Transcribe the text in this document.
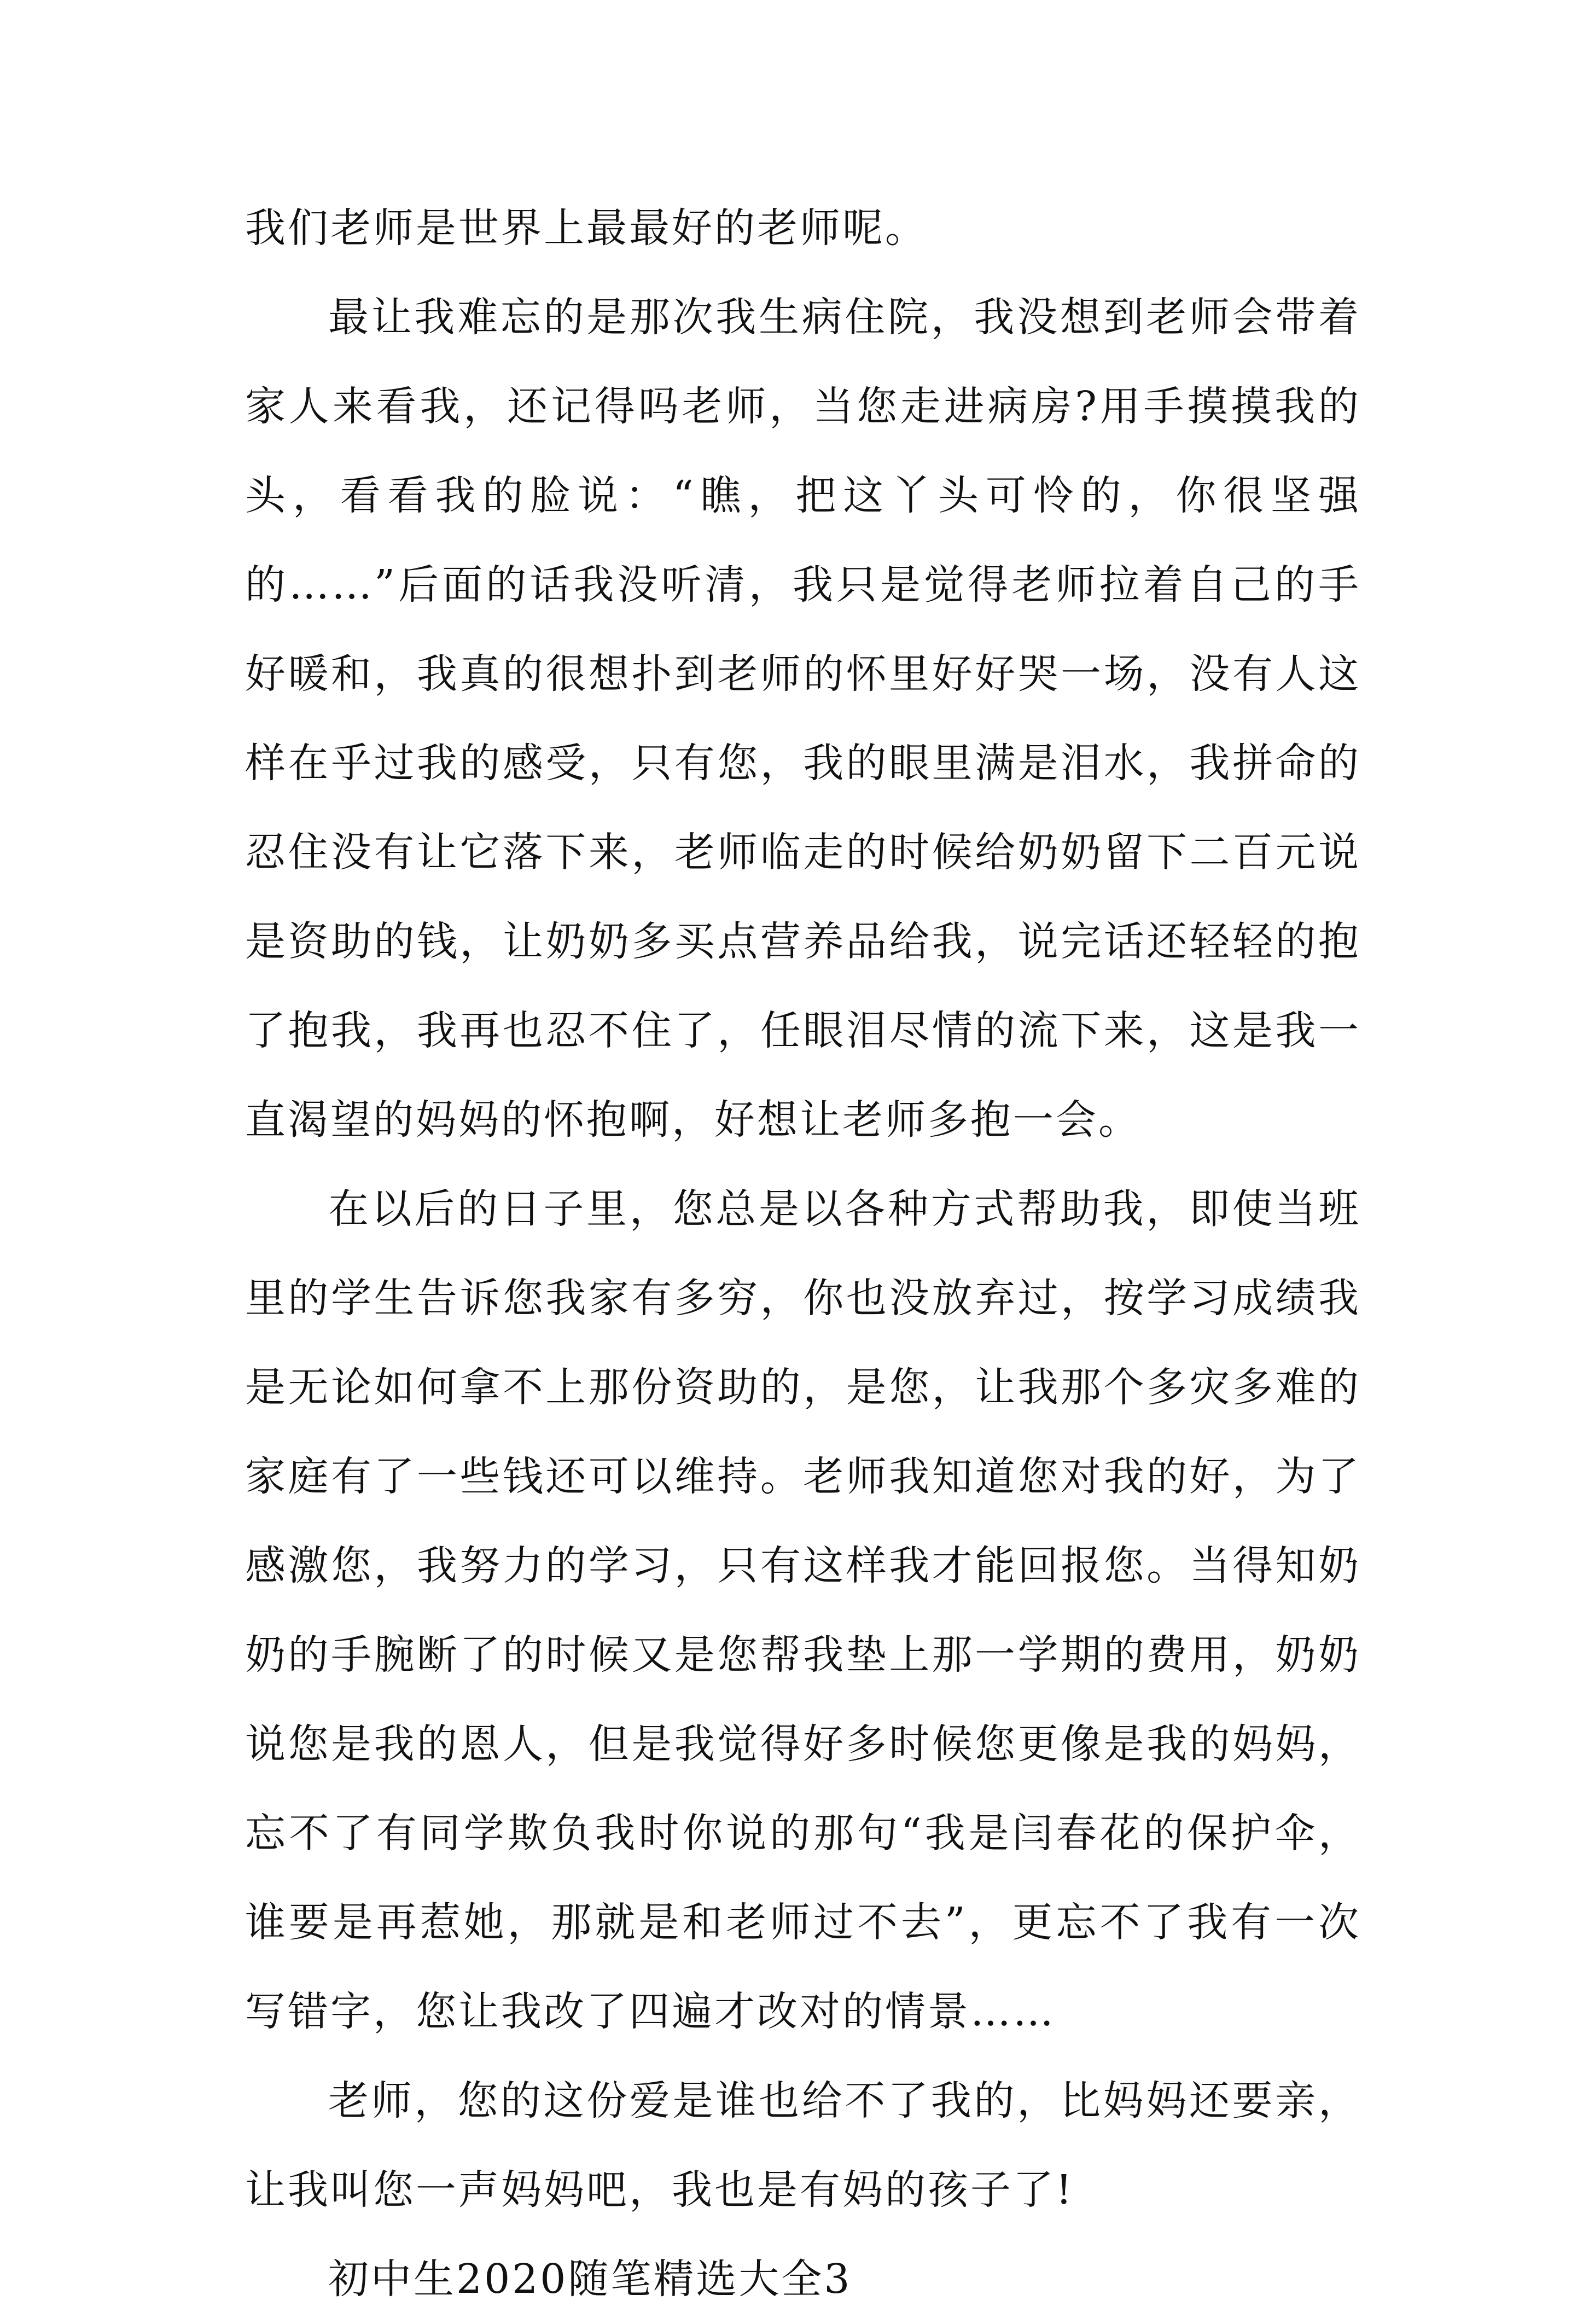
我们老师是世界上最最好的老师呢。

最让我难忘的是那次我生病住院，我没想到老师会带着家人来看我，还记得吗老师，当您走进病房?用手摸摸我的头，看看我的脸说：“瞧，把这丫头可怜的，你很坚强的……”后面的话我没听清，我只是觉得老师拉着自己的手好暖和，我真的很想扑到老师的怀里好好哭一场，没有人这样在乎过我的感受，只有您，我的眼里满是泪水，我拼命的忍住没有让它落下来，老师临走的时候给奶奶留下二百元说是资助的钱，让奶奶多买点营养品给我，说完话还轻轻的抱了抱我，我再也忍不住了，任眼泪尽情的流下来，这是我一直渴望的妈妈的怀抱啊，好想让老师多抱一会。

在以后的日子里，您总是以各种方式帮助我，即使当班里的学生告诉您我家有多穷，你也没放弃过，按学习成绩我是无论如何拿不上那份资助的，是您，让我那个多灾多难的家庭有了一些钱还可以维持。老师我知道您对我的好，为了感激您，我努力的学习，只有这样我才能回报您。当得知奶奶的手腕断了的时候又是您帮我垫上那一学期的费用，奶奶说您是我的恩人，但是我觉得好多时候您更像是我的妈妈，忘不了有同学欺负我时你说的那句“我是闫春花的保护伞，谁要是再惹她，那就是和老师过不去”，更忘不了我有一次写错字，您让我改了四遍才改对的情景……

老师，您的这份爱是谁也给不了我的，比妈妈还要亲，让我叫您一声妈妈吧，我也是有妈的孩子了!

初中生2020随笔精选大全3
